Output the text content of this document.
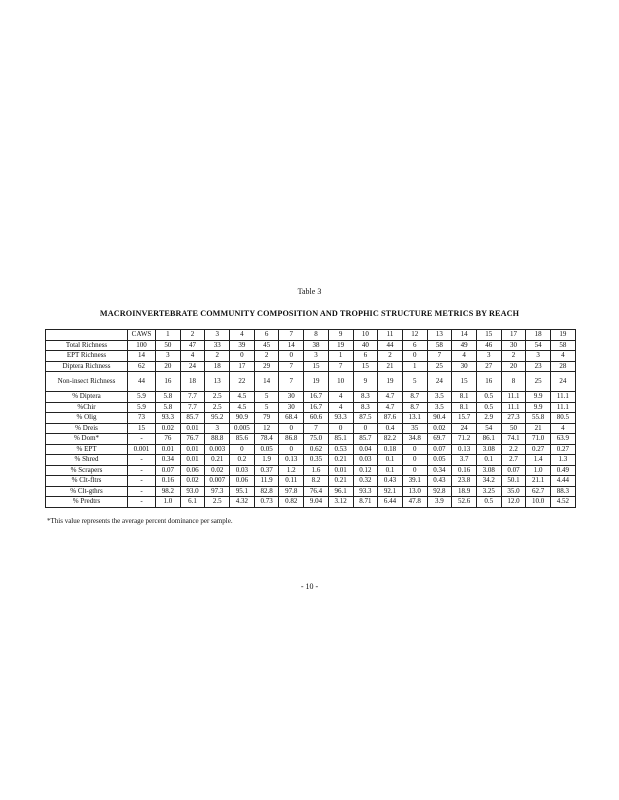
Table 3
MACROINVERTEBRATE COMMUNITY COMPOSITION AND TROPHIC STRUCTURE METRICS BY REACH
	CAWS	1	2	3	4	6	7	8	9	10	11	12	13	14	15	17	18	19
Total Richness	100	50	47	33	39	45	14	38	19	40	44	6	58	49	46	30	54	58
EPT Richness	14	3	4	2	0	2	0	3	1	6	2	0	7	4	3	2	3	4
Diptera Richness	62	20	24	18	17	29	7	15	7	15	21	1	25	30	27	20	23	28
Non-insect Richness	44	16	18	13	22	14	7	19	10	9	19	5	24	15	16	8	25	24
% Diptera	5.9	5.8	7.7	2.5	4.5	5	30	16.7	4	8.3	4.7	8.7	3.5	8.1	0.5	11.1	9.9	11.1
%Chir	5.9	5.8	7.7	2.5	4.5	5	30	16.7	4	8.3	4.7	8.7	3.5	8.1	0.5	11.1	9.9	11.1
% Olig	73	93.3	85.7	95.2	90.9	79	68.4	60.6	93.3	87.5	87.6	13.1	90.4	15.7	2.9	27.3	55.8	80.5
% Dreis	15	0.02	0.01	3	0.005	12	0	7	0	0	0.4	35	0.02	24	54	50	21	4
% Dom*	-	76	76.7	88.8	85.6	78.4	86.8	75.0	85.1	85.7	82.2	34.8	69.7	71.2	86.1	74.1	71.0	63.9
% EPT	0.001	0.01	0.01	0.003	0	0.05	0	0.62	0.53	0.04	0.18	0	0.07	0.13	3.08	2.2	0.27	0.27
% Shred	-	0.34	0.01	0.21	0.2	1.9	0.13	0.35	0.21	0.03	0.1	0	0.05	3.7	0.1	2.7	1.4	1.3
% Scrapers	-	0.07	0.06	0.02	0.03	0.37	1.2	1.6	0.01	0.12	0.1	0	0.34	0.16	3.08	0.07	1.0	0.49
% Clt-fltrs	-	0.16	0.02	0.007	0.06	11.9	0.11	8.2	0.21	0.32	0.43	39.1	0.43	23.8	34.2	50.1	21.1	4.44
% Clt-gthrs	-	98.2	93.0	97.3	95.1	82.8	97.8	76.4	96.1	93.3	92.1	13.0	92.8	18.9	3.25	35.0	62.7	88.3
% Predtrs	-	1.0	6.1	2.5	4.32	0.73	0.82	9.04	3.12	8.71	6.44	47.8	3.9	52.6	0.5	12.0	10.0	4.52
*This value represents the average percent dominance per sample.
- 10 -
